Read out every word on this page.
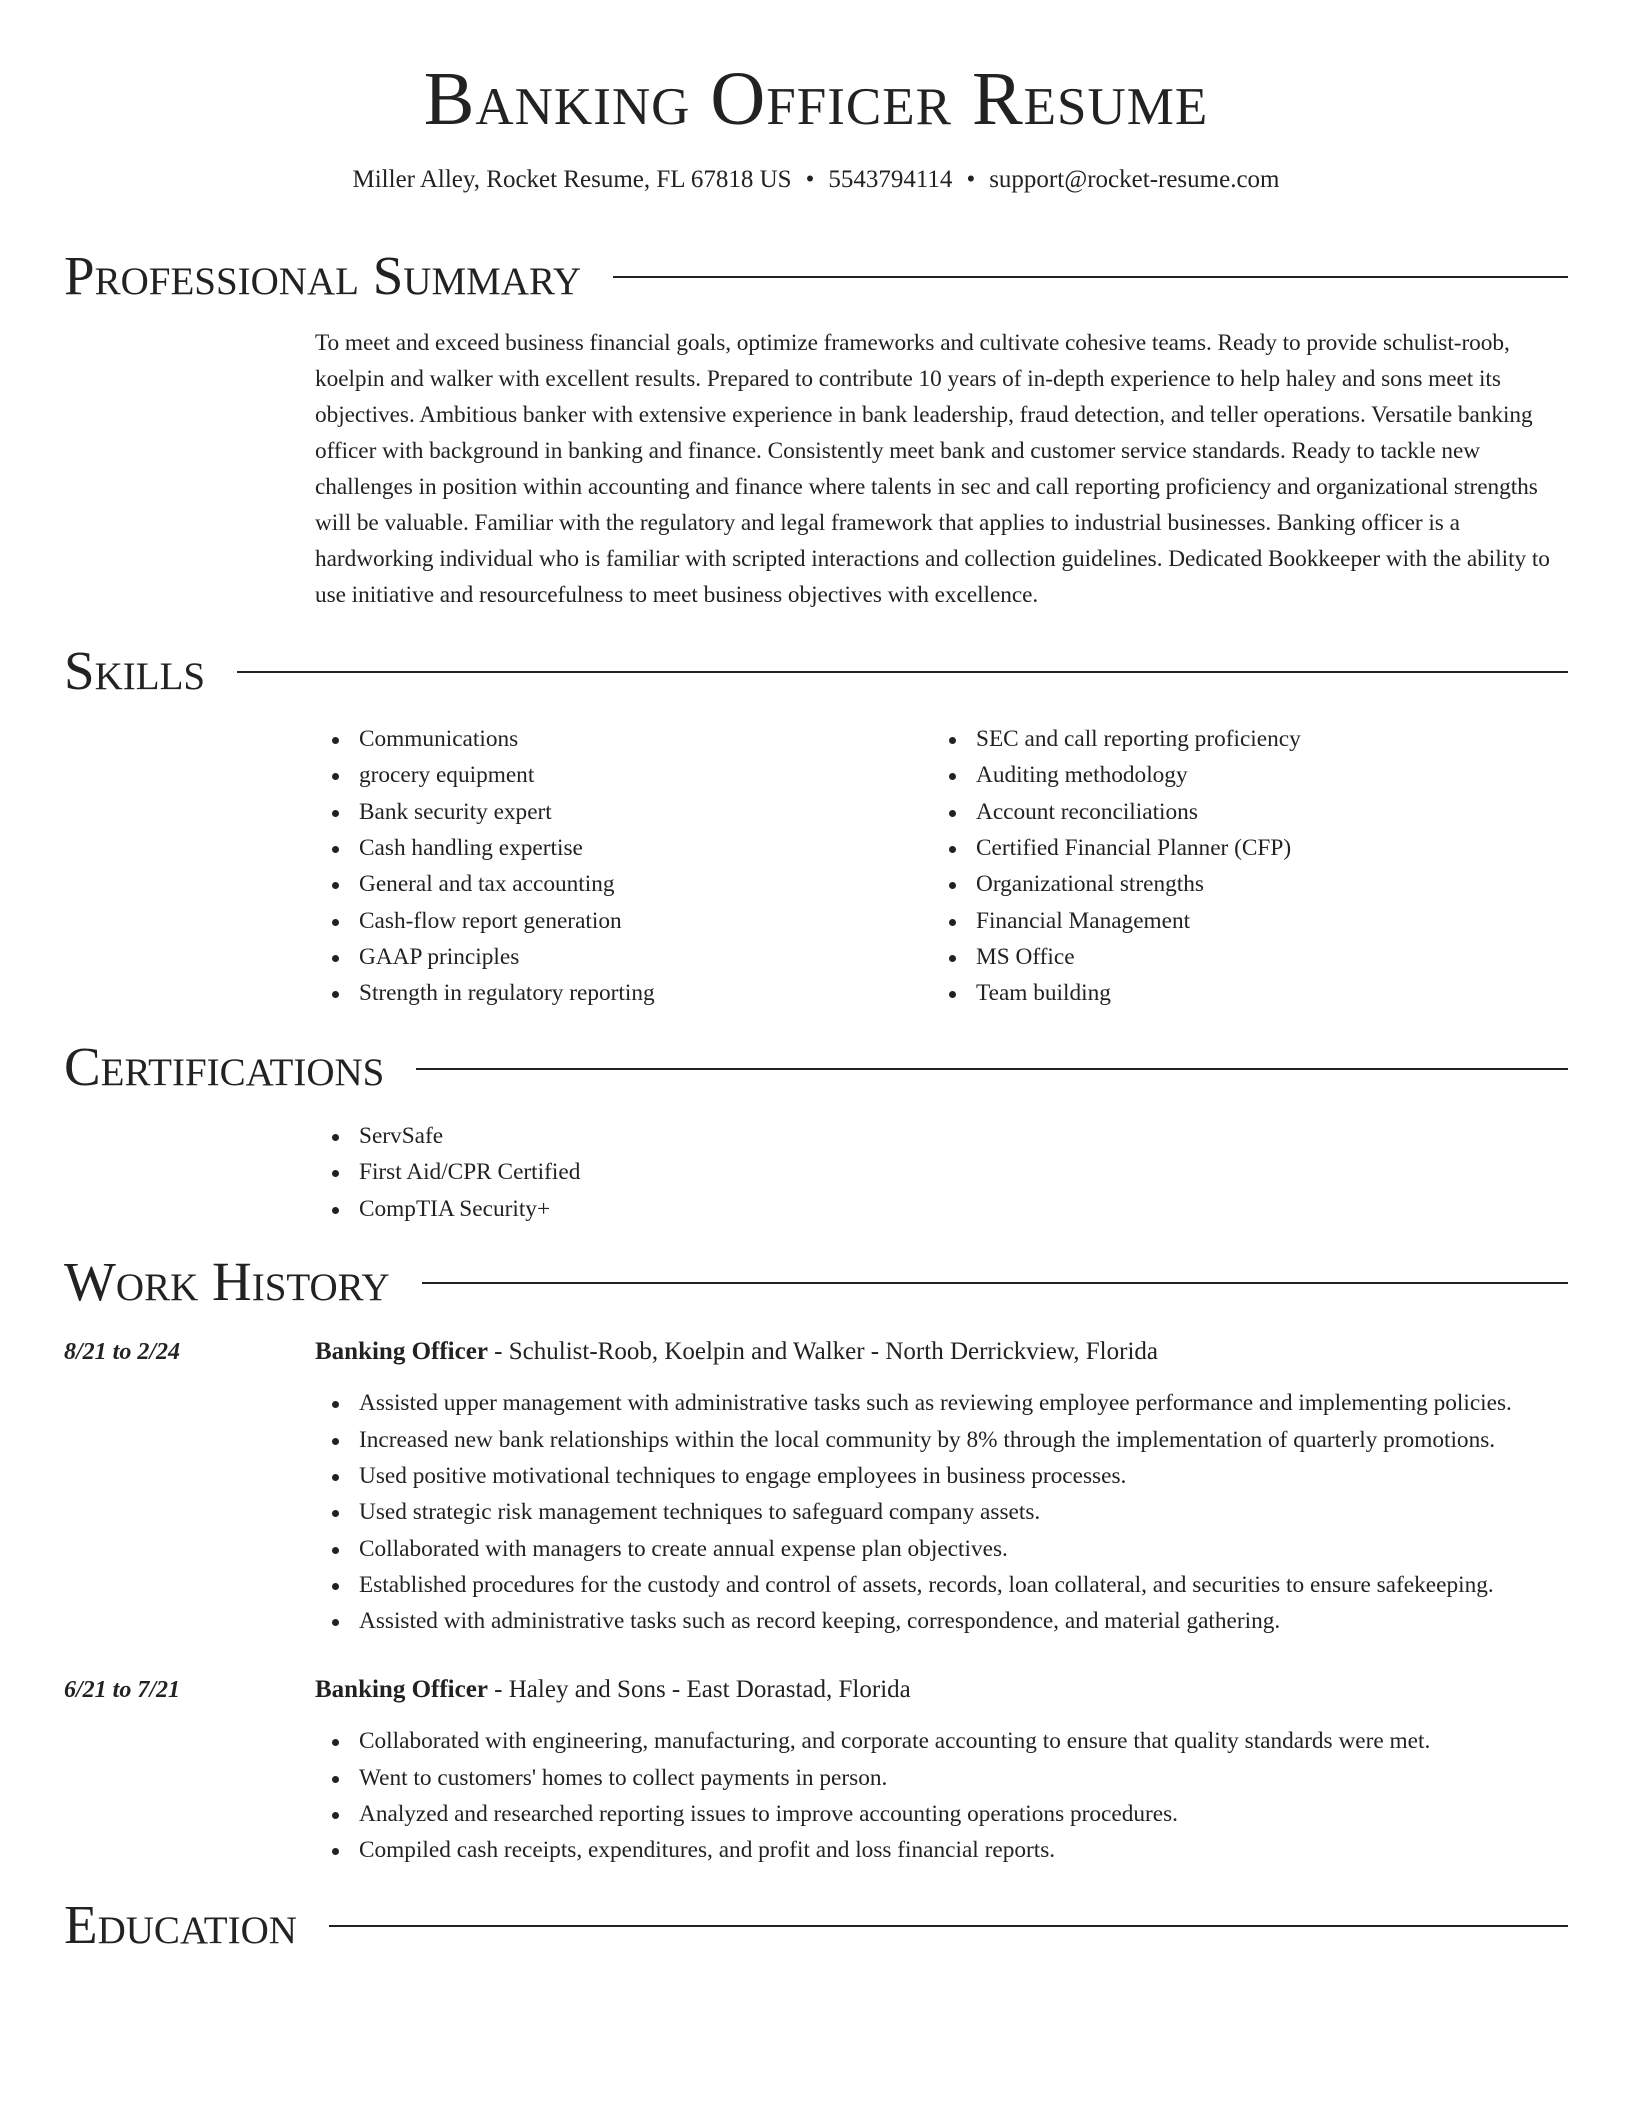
Banking Officer Resume
Miller Alley, Rocket Resume, FL 67818 US • 5543794114 • support@rocket-resume.com
Professional Summary

To meet and exceed business financial goals, optimize frameworks and cultivate cohesive teams. Ready to provide schulist-roob, koelpin and walker with excellent results. Prepared to contribute 10 years of in-depth experience to help haley and sons meet its objectives. Ambitious banker with extensive experience in bank leadership, fraud detection, and teller operations. Versatile banking officer with background in banking and finance. Consistently meet bank and customer service standards. Ready to tackle new challenges in position within accounting and finance where talents in sec and call reporting proficiency and organizational strengths will be valuable. Familiar with the regulatory and legal framework that applies to industrial businesses. Banking officer is a hardworking individual who is familiar with scripted interactions and collection guidelines. Dedicated Bookkeeper with the ability to use initiative and resourcefulness to meet business objectives with excellence.

Skills
Communications
grocery equipment
Bank security expert
Cash handling expertise
General and tax accounting
Cash-flow report generation
GAAP principles
Strength in regulatory reporting
SEC and call reporting proficiency
Auditing methodology
Account reconciliations
Certified Financial Planner (CFP)
Organizational strengths
Financial Management
MS Office
Team building
Certifications
ServSafe
First Aid/CPR Certified
CompTIA Security+
Work History
8/21 to 2/24	Banking Officer - Schulist-Roob, Koelpin and Walker - North Derrickview, Florida
Assisted upper management with administrative tasks such as reviewing employee performance and implementing policies.
Increased new bank relationships within the local community by 8% through the implementation of quarterly promotions.
Used positive motivational techniques to engage employees in business processes.
Used strategic risk management techniques to safeguard company assets.
Collaborated with managers to create annual expense plan objectives.
Established procedures for the custody and control of assets, records, loan collateral, and securities to ensure safekeeping.
Assisted with administrative tasks such as record keeping, correspondence, and material gathering.
6/21 to 7/21	Banking Officer - Haley and Sons - East Dorastad, Florida
Collaborated with engineering, manufacturing, and corporate accounting to ensure that quality standards were met.
Went to customers' homes to collect payments in person.
Analyzed and researched reporting issues to improve accounting operations procedures.
Compiled cash receipts, expenditures, and profit and loss financial reports.
Education
